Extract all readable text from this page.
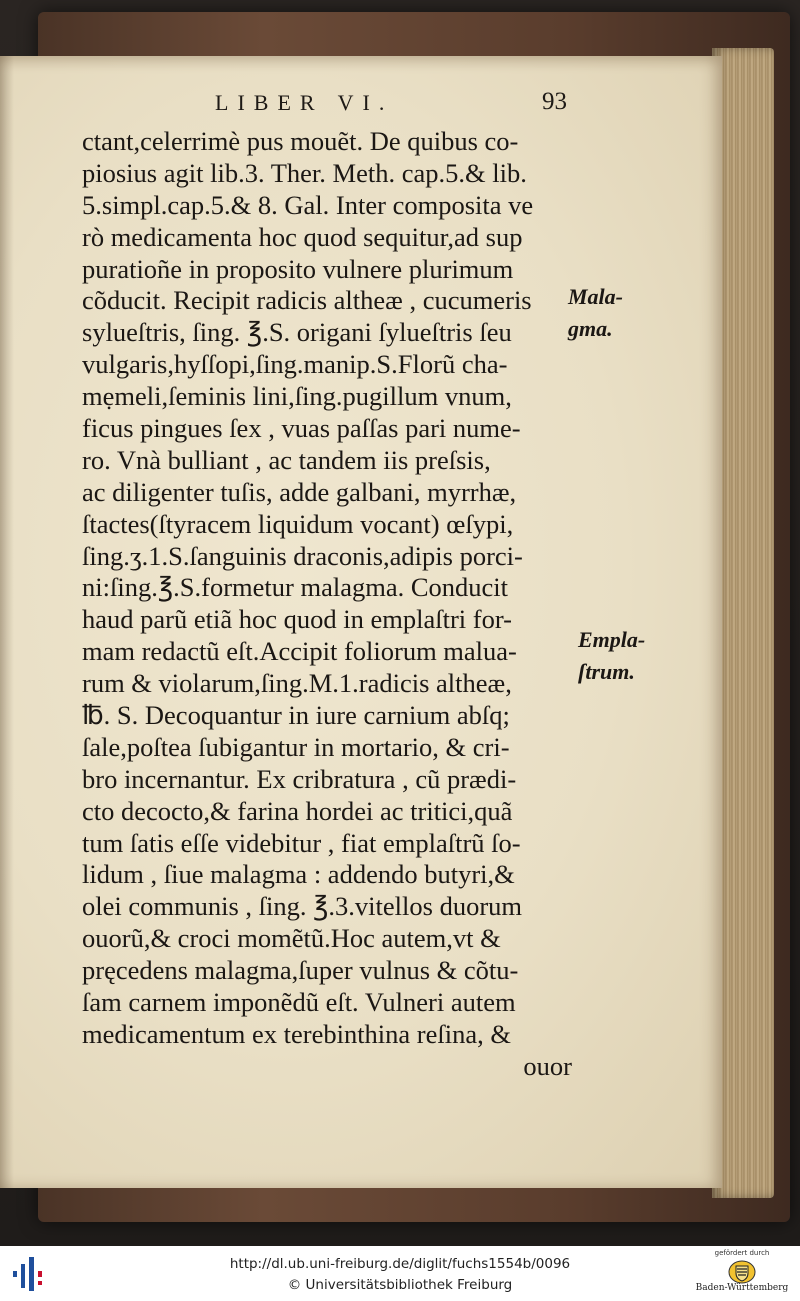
LIBER VI.	93
ctant,celerrimè pus mouẽt. De quibus co-
piosius agit lib.3. Ther. Meth. cap.5.& lib.
5.simpl.cap.5.& 8. Gal. Inter composita ve
rò medicamenta hoc quod sequitur,ad sup
puratioñe in proposito vulnere plurimum
cõducit. Recipit radicis altheæ , cucumeris
sylueſtris, ſing. ℥.S. origani ſylueſtris ſeu
vulgaris,hyſſopi,ſing.manip.S.Florũ cha-
mẹmeli,ſeminis lini,ſing.pugillum vnum,
ficus pingues ſex , vuas paſſas pari nume-
ro. Vnà bulliant , ac tandem iis preſsis,
ac diligenter tuſis, adde galbani, myrrhæ,
ſtactes(ſtyracem liquidum vocant) œſypi,
ſing.ʒ.1.S.ſanguinis draconis,adipis porci-
ni:ſing.℥.S.formetur malagma. Conducit
haud parũ etiã hoc quod in emplaſtri for-
mam redactũ eſt.Accipit foliorum malua-
rum & violarum,ſing.M.1.radicis altheæ,
℔. S. Decoquantur in iure carnium abſq;
ſale,poſtea ſubigantur in mortario, & cri-
bro incernantur. Ex cribratura , cũ prædi-
cto decocto,& farina hordei ac tritici,quã
tum ſatis eſſe videbitur , fiat emplaſtrũ ſo-
lidum , ſiue malagma : addendo butyri,&
olei communis , ſing. ℥.3.vitellos duorum
ouorũ,& croci momẽtũ.Hoc autem,vt &
pręcedens malagma,ſuper vulnus & cõtu-
ſam carnem imponẽdũ eſt. Vulneri autem
medicamentum ex terebinthina reſina, &
ouor
Mala-
gma.
Empla-
ſtrum.
http://dl.ub.uni-freiburg.de/diglit/fuchs1554b/0096
© Universitätsbibliothek Freiburg
gefördert durch
Baden-Württemberg
